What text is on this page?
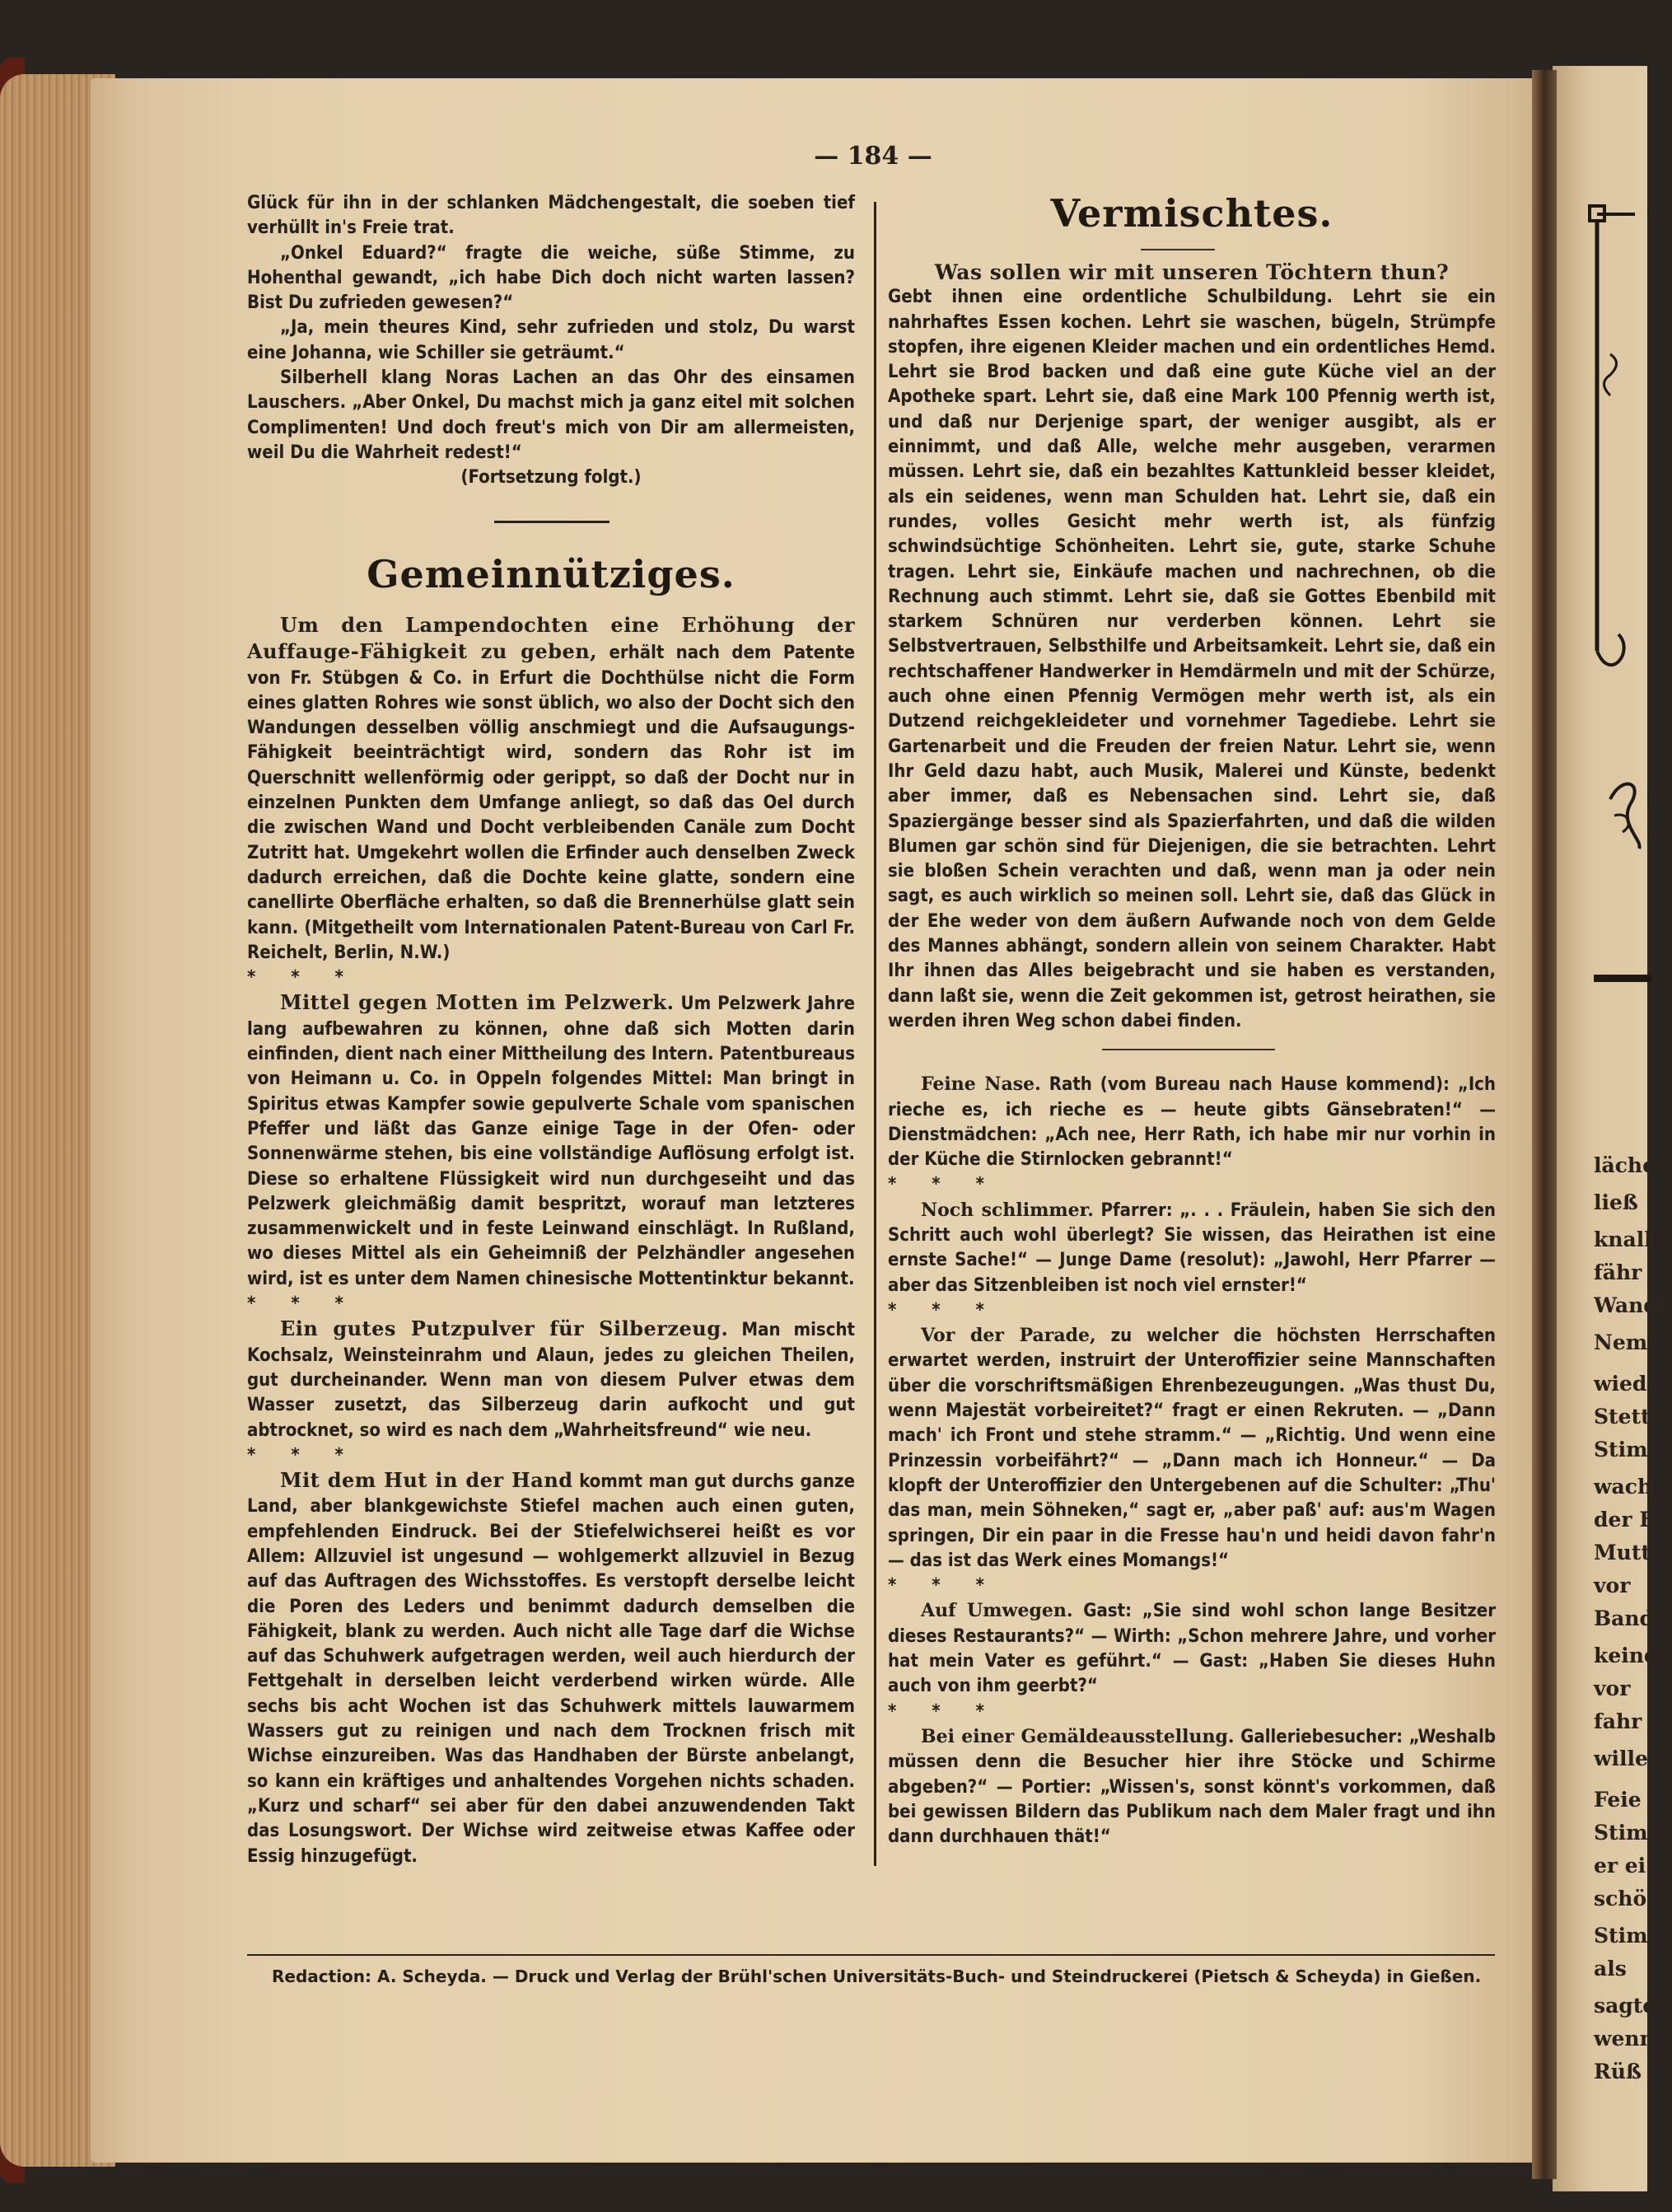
lächel
ließ
knallt
fähr
Wand
Nemes
wiede
Stett
Stim
wach
der E
Mutt
vor
Band
keine
vor
fahr
wille
Feie
Stim
er ei
schön
Stim
als
sagte
wenn
Rüß
— 184 —

Glück für ihn in der schlanken Mädchengestalt, die soeben tief verhüllt in's Freie trat.

„Onkel Eduard?“ fragte die weiche, süße Stimme, zu Hohenthal gewandt, „ich habe Dich doch nicht warten lassen? Bist Du zufrieden gewesen?“

„Ja, mein theures Kind, sehr zufrieden und stolz, Du warst eine Johanna, wie Schiller sie geträumt.“

Silberhell klang Noras Lachen an das Ohr des einsamen Lauschers. „Aber Onkel, Du machst mich ja ganz eitel mit solchen Complimenten! Und doch freut's mich von Dir am allermeisten, weil Du die Wahrheit redest!“

(Fortsetzung folgt.)

Gemeinnütziges.

Um den Lampendochten eine Erhöhung der Auffauge-Fähigkeit zu geben, erhält nach dem Patente von Fr. Stübgen & Co. in Erfurt die Dochthülse nicht die Form eines glatten Rohres wie sonst üblich, wo also der Docht sich den Wandungen desselben völlig anschmiegt und die Aufsaugungs-Fähigkeit beeinträchtigt wird, sondern das Rohr ist im Querschnitt wellenförmig oder gerippt, so daß der Docht nur in einzelnen Punkten dem Umfange anliegt, so daß das Oel durch die zwischen Wand und Docht verbleibenden Canäle zum Docht Zutritt hat. Umgekehrt wollen die Erfinder auch denselben Zweck dadurch erreichen, daß die Dochte keine glatte, sondern eine canellirte Oberfläche erhalten, so daß die Brennerhülse glatt sein kann. (Mitgetheilt vom Internationalen Patent-Bureau von Carl Fr. Reichelt, Berlin, N.W.)

* * *

Mittel gegen Motten im Pelzwerk. Um Pelzwerk Jahre lang aufbewahren zu können, ohne daß sich Motten darin einfinden, dient nach einer Mittheilung des Intern. Patentbureaus von Heimann u. Co. in Oppeln folgendes Mittel: Man bringt in Spiritus etwas Kampfer sowie gepulverte Schale vom spanischen Pfeffer und läßt das Ganze einige Tage in der Ofen- oder Sonnenwärme stehen, bis eine vollständige Auflösung erfolgt ist. Diese so erhaltene Flüssigkeit wird nun durchgeseiht und das Pelzwerk gleichmäßig damit bespritzt, worauf man letzteres zusammenwickelt und in feste Leinwand einschlägt. In Rußland, wo dieses Mittel als ein Geheimniß der Pelzhändler angesehen wird, ist es unter dem Namen chinesische Mottentinktur bekannt.

* * *

Ein gutes Putzpulver für Silberzeug. Man mischt Kochsalz, Weinsteinrahm und Alaun, jedes zu gleichen Theilen, gut durcheinander. Wenn man von diesem Pulver etwas dem Wasser zusetzt, das Silberzeug darin aufkocht und gut abtrocknet, so wird es nach dem „Wahrheitsfreund“ wie neu.

* * *

Mit dem Hut in der Hand kommt man gut durchs ganze Land, aber blankgewichste Stiefel machen auch einen guten, empfehlenden Eindruck. Bei der Stiefelwichserei heißt es vor Allem: Allzuviel ist ungesund — wohlgemerkt allzuviel in Bezug auf das Auftragen des Wichsstoffes. Es verstopft derselbe leicht die Poren des Leders und benimmt dadurch demselben die Fähigkeit, blank zu werden. Auch nicht alle Tage darf die Wichse auf das Schuhwerk aufgetragen werden, weil auch hierdurch der Fettgehalt in derselben leicht verderbend wirken würde. Alle sechs bis acht Wochen ist das Schuhwerk mittels lauwarmem Wassers gut zu reinigen und nach dem Trocknen frisch mit Wichse einzureiben. Was das Handhaben der Bürste anbelangt, so kann ein kräftiges und anhaltendes Vorgehen nichts schaden. „Kurz und scharf“ sei aber für den dabei anzuwendenden Takt das Losungswort. Der Wichse wird zeitweise etwas Kaffee oder Essig hinzugefügt.

Vermischtes.

Was sollen wir mit unseren Töchtern thun?

Gebt ihnen eine ordentliche Schulbildung. Lehrt sie ein nahrhaftes Essen kochen. Lehrt sie waschen, bügeln, Strümpfe stopfen, ihre eigenen Kleider machen und ein ordentliches Hemd. Lehrt sie Brod backen und daß eine gute Küche viel an der Apotheke spart. Lehrt sie, daß eine Mark 100 Pfennig werth ist, und daß nur Derjenige spart, der weniger ausgibt, als er einnimmt, und daß Alle, welche mehr ausgeben, verarmen müssen. Lehrt sie, daß ein bezahltes Kattunkleid besser kleidet, als ein seidenes, wenn man Schulden hat. Lehrt sie, daß ein rundes, volles Gesicht mehr werth ist, als fünfzig schwindsüchtige Schönheiten. Lehrt sie, gute, starke Schuhe tragen. Lehrt sie, Einkäufe machen und nachrechnen, ob die Rechnung auch stimmt. Lehrt sie, daß sie Gottes Ebenbild mit starkem Schnüren nur verderben können. Lehrt sie Selbstvertrauen, Selbsthilfe und Arbeitsamkeit. Lehrt sie, daß ein rechtschaffener Handwerker in Hemdärmeln und mit der Schürze, auch ohne einen Pfennig Vermögen mehr werth ist, als ein Dutzend reichgekleideter und vornehmer Tagediebe. Lehrt sie Gartenarbeit und die Freuden der freien Natur. Lehrt sie, wenn Ihr Geld dazu habt, auch Musik, Malerei und Künste, bedenkt aber immer, daß es Nebensachen sind. Lehrt sie, daß Spaziergänge besser sind als Spazierfahrten, und daß die wilden Blumen gar schön sind für Diejenigen, die sie betrachten. Lehrt sie bloßen Schein verachten und daß, wenn man ja oder nein sagt, es auch wirklich so meinen soll. Lehrt sie, daß das Glück in der Ehe weder von dem äußern Aufwande noch von dem Gelde des Mannes abhängt, sondern allein von seinem Charakter. Habt Ihr ihnen das Alles beigebracht und sie haben es verstanden, dann laßt sie, wenn die Zeit gekommen ist, getrost heirathen, sie werden ihren Weg schon dabei finden.

Feine Nase. Rath (vom Bureau nach Hause kommend): „Ich rieche es, ich rieche es — heute gibts Gänsebraten!“ — Dienstmädchen: „Ach nee, Herr Rath, ich habe mir nur vorhin in der Küche die Stirnlocken gebrannt!“

* * *

Noch schlimmer. Pfarrer: „. . . Fräulein, haben Sie sich den Schritt auch wohl überlegt? Sie wissen, das Heirathen ist eine ernste Sache!“ — Junge Dame (resolut): „Jawohl, Herr Pfarrer — aber das Sitzenbleiben ist noch viel ernster!“

* * *

Vor der Parade, zu welcher die höchsten Herrschaften erwartet werden, instruirt der Unteroffizier seine Mannschaften über die vorschriftsmäßigen Ehrenbezeugungen. „Was thust Du, wenn Majestät vorbeireitet?“ fragt er einen Rekruten. — „Dann mach' ich Front und stehe stramm.“ — „Richtig. Und wenn eine Prinzessin vorbeifährt?“ — „Dann mach ich Honneur.“ — Da klopft der Unteroffizier den Untergebenen auf die Schulter: „Thu' das man, mein Söhneken,“ sagt er, „aber paß' auf: aus'm Wagen springen, Dir ein paar in die Fresse hau'n und heidi davon fahr'n — das ist das Werk eines Momangs!“

* * *

Auf Umwegen. Gast: „Sie sind wohl schon lange Besitzer dieses Restaurants?“ — Wirth: „Schon mehrere Jahre, und vorher hat mein Vater es geführt.“ — Gast: „Haben Sie dieses Huhn auch von ihm geerbt?“

* * *

Bei einer Gemäldeausstellung. Galleriebesucher: „Weshalb müssen denn die Besucher hier ihre Stöcke und Schirme abgeben?“ — Portier: „Wissen's, sonst könnt's vorkommen, daß bei gewissen Bildern das Publikum nach dem Maler fragt und ihn dann durchhauen thät!“

Redaction: A. Scheyda. — Druck und Verlag der Brühl'schen Universitäts-Buch- und Steindruckerei (Pietsch & Scheyda) in Gießen.
